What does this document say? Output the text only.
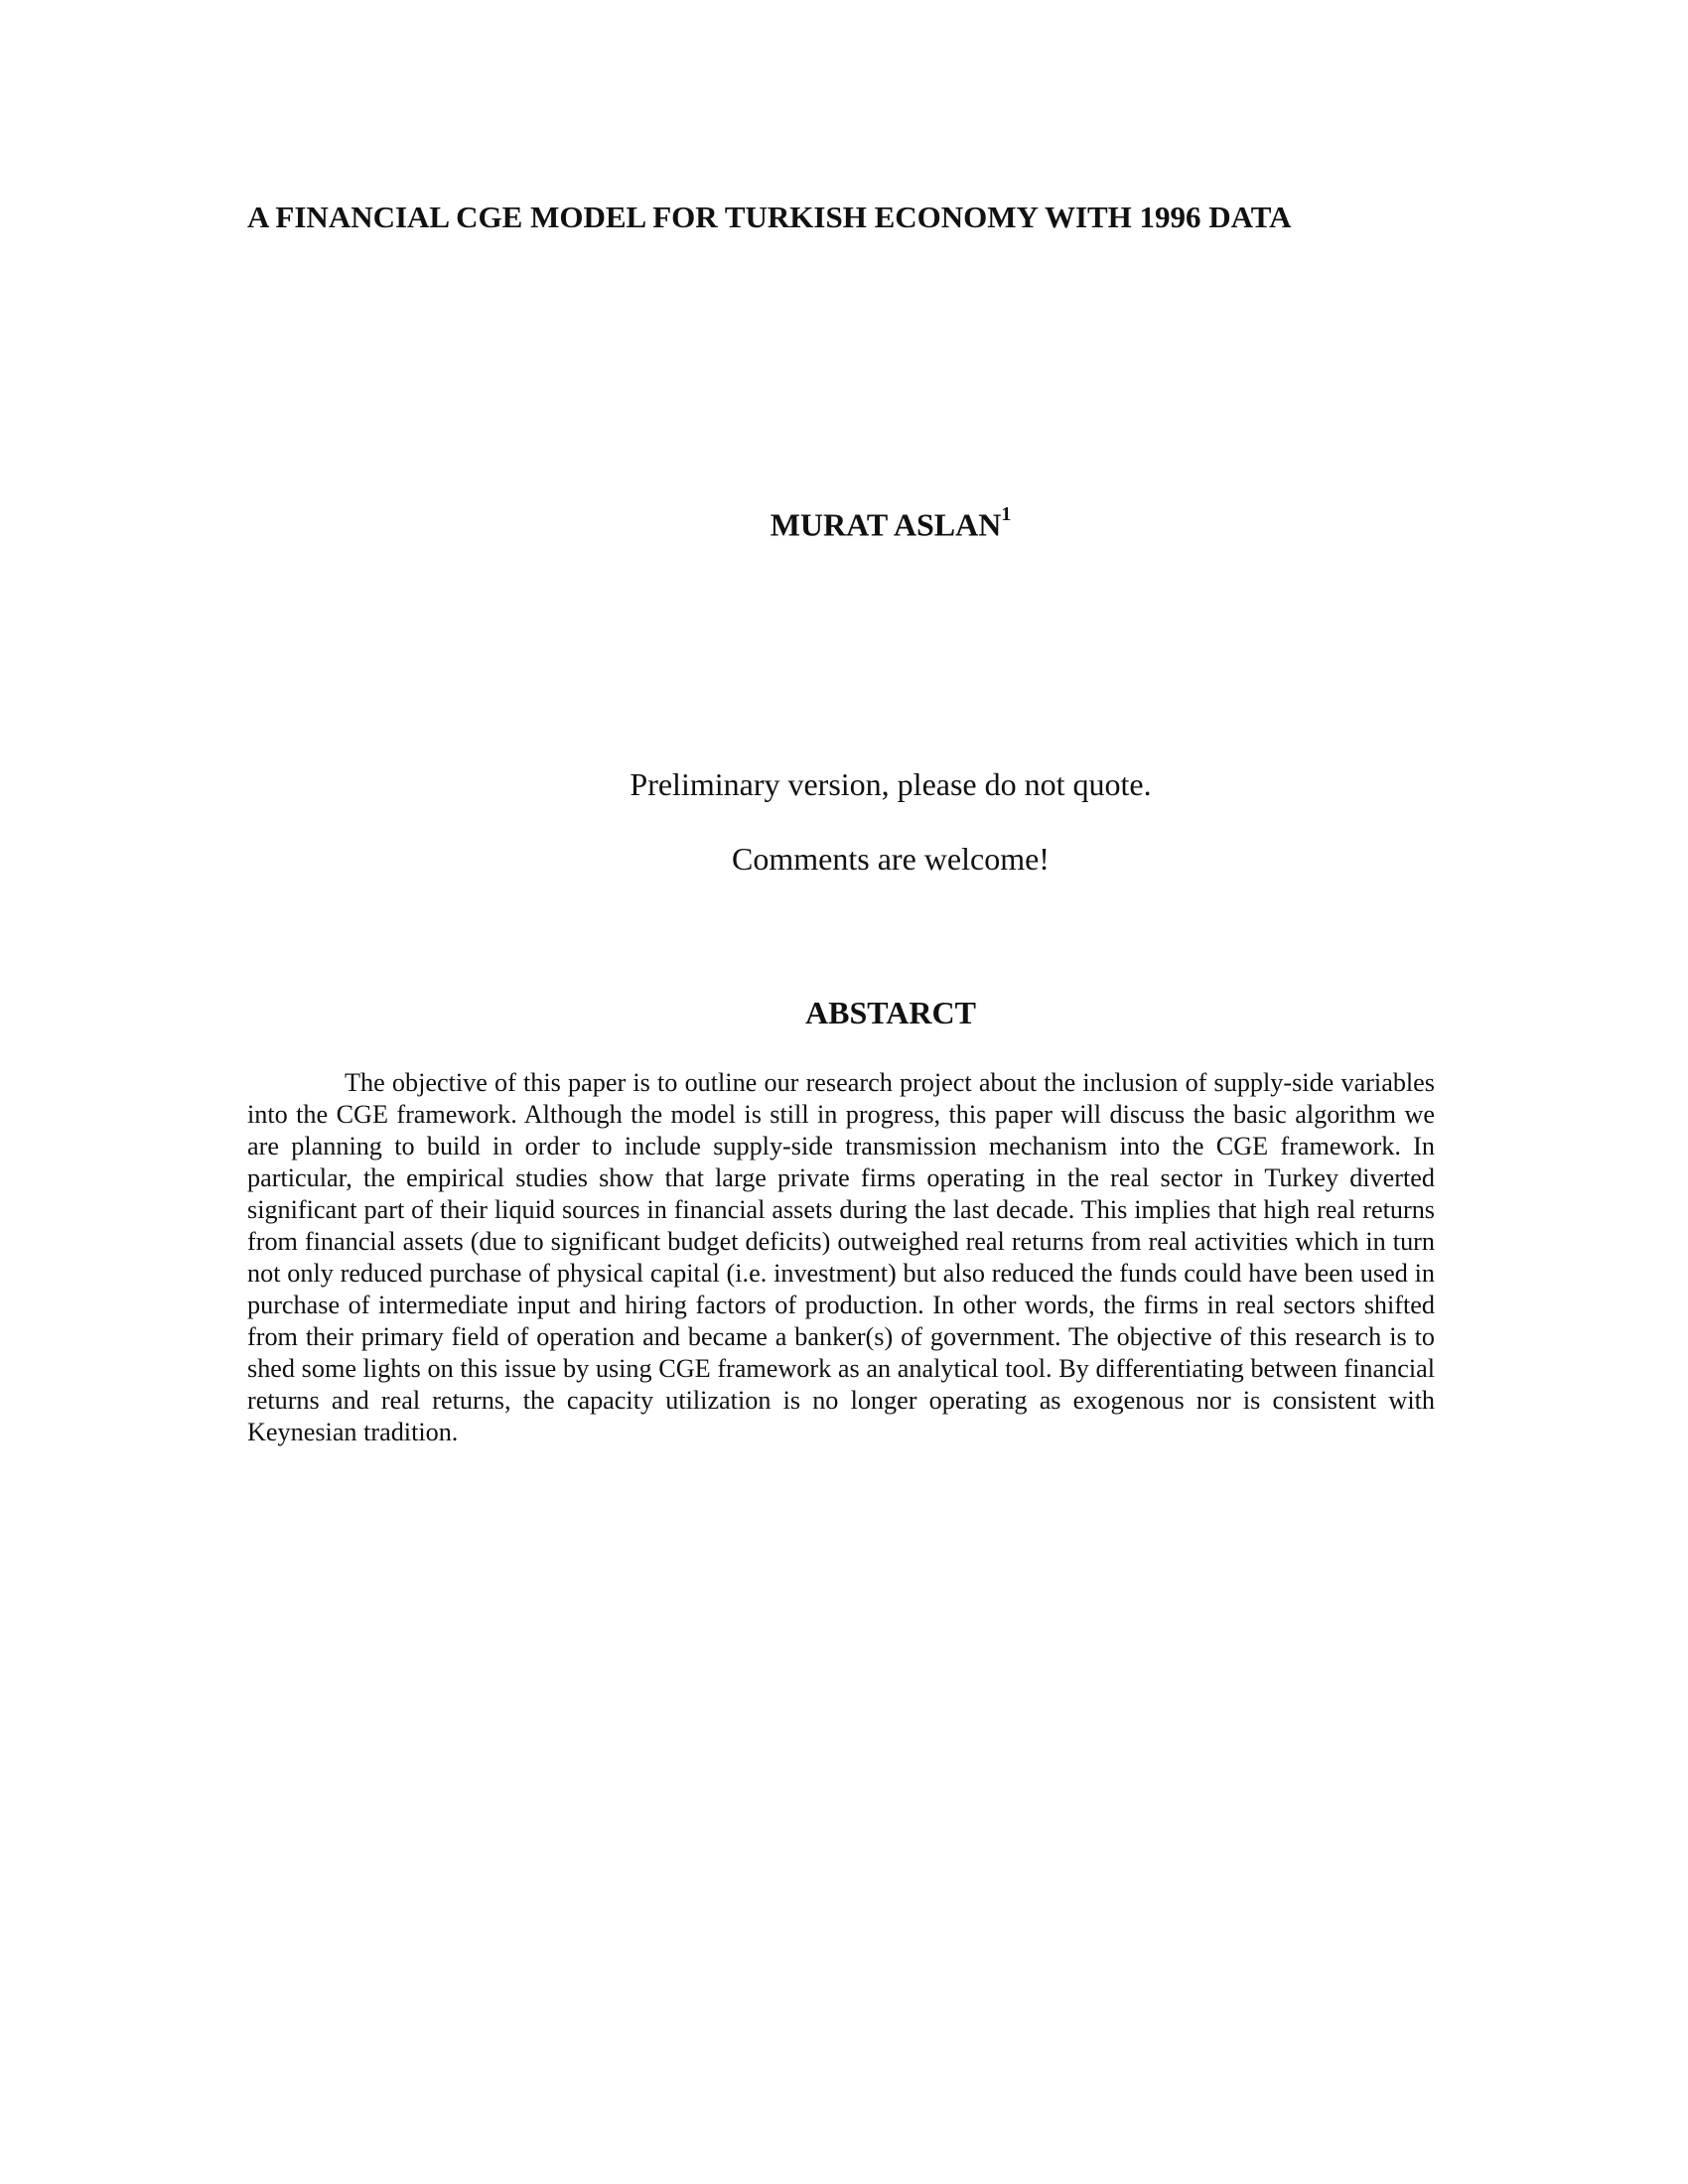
A FINANCIAL CGE MODEL FOR TURKISH ECONOMY WITH 1996 DATA
MURAT ASLAN$^1$

Preliminary version, please do not quote.

Comments are welcome!

ABSTARCT

The objective of this paper is to outline our research project about the inclusion of supply-side variables into the CGE framework. Although the model is still in progress, this paper will discuss the basic algorithm we are planning to build in order to include supply-side transmission mechanism into the CGE framework. In particular, the empirical studies show that large private firms operating in the real sector in Turkey diverted significant part of their liquid sources in financial assets during the last decade. This implies that high real returns from financial assets (due to significant budget deficits) outweighed real returns from real activities which in turn not only reduced purchase of physical capital (i.e. investment) but also reduced the funds could have been used in purchase of intermediate input and hiring factors of production. In other words, the firms in real sectors shifted from their primary field of operation and became a banker(s) of government. The objective of this research is to shed some lights on this issue by using CGE framework as an analytical tool. By differentiating between financial returns and real returns, the capacity utilization is no longer operating as exogenous nor is consistent with Keynesian tradition.
